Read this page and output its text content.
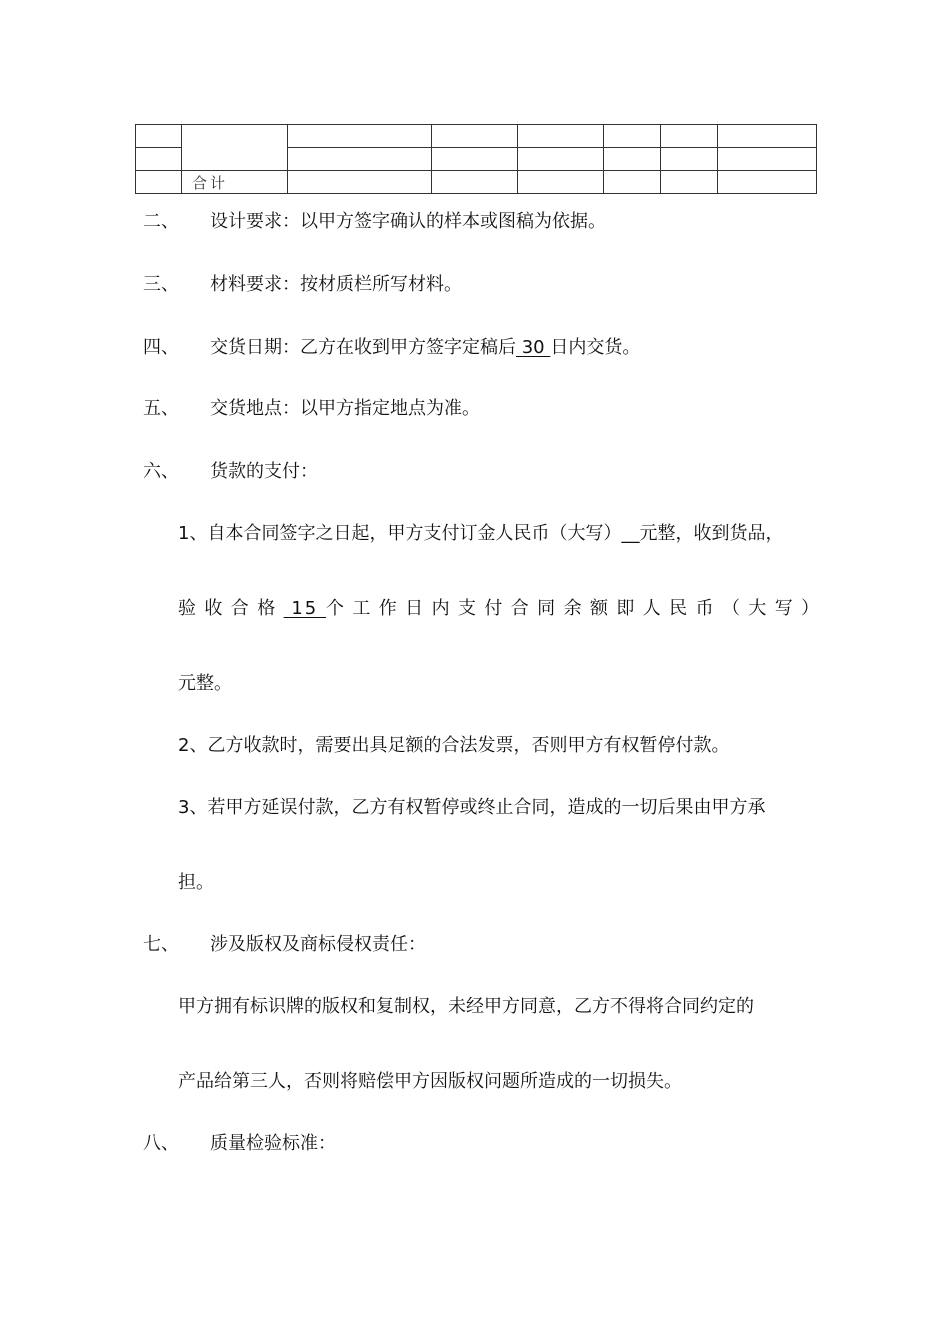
	合计						
二、 设计要求：以甲方签字确认的样本或图稿为依据。
三、 材料要求：按材质栏所写材料。
四、 交货日期：乙方在收到甲方签字定稿后 30 日内交货。
五、 交货地点：以甲方指定地点为准。
六、 货款的支付：
1、自本合同签字之日起，甲方支付订金人民币（大写）__元整，收到货品，
验收合格 15 个工作日内支付合同余额即人民币（大写）
元整。
2、乙方收款时，需要出具足额的合法发票，否则甲方有权暂停付款。
3、若甲方延误付款，乙方有权暂停或终止合同，造成的一切后果由甲方承
担。
七、 涉及版权及商标侵权责任：
甲方拥有标识牌的版权和复制权，未经甲方同意，乙方不得将合同约定的
产品给第三人，否则将赔偿甲方因版权问题所造成的一切损失。
八、 质量检验标准：
